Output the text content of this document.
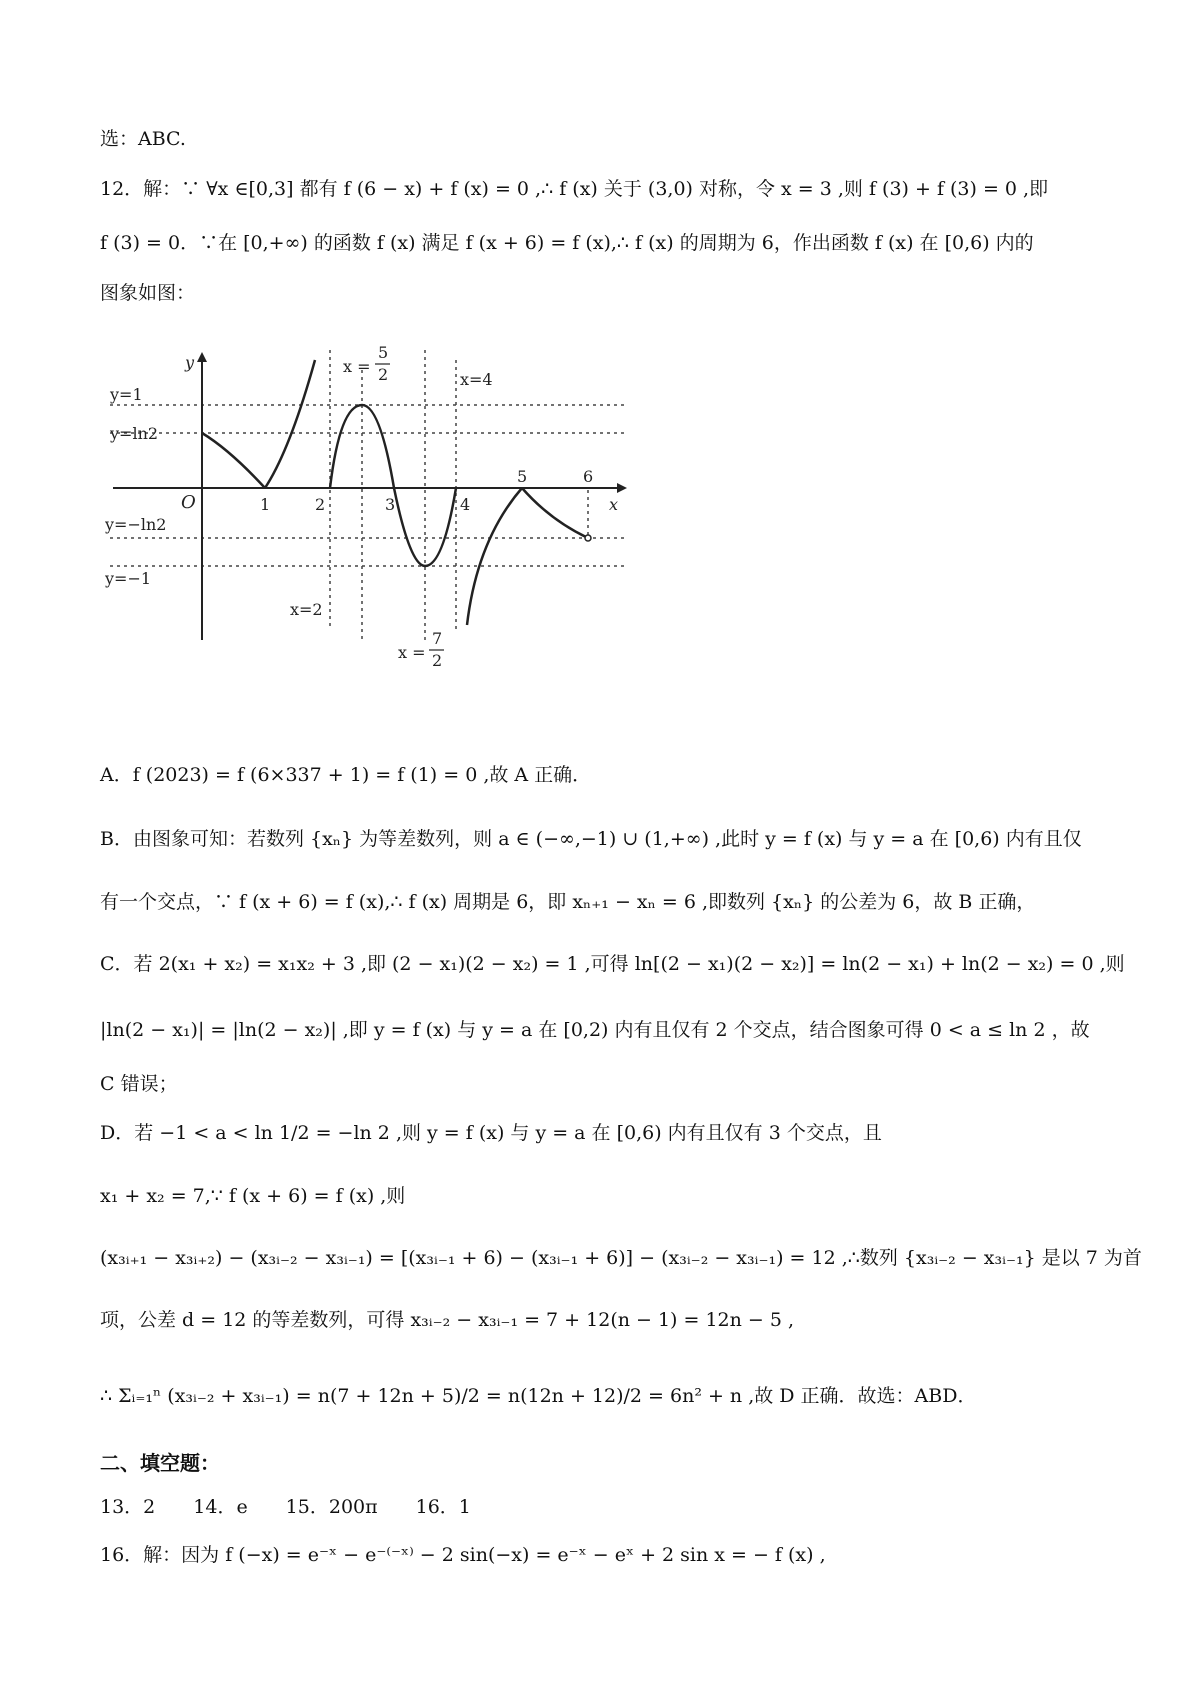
选：ABC.
12．解：∵ ∀x ∈[0,3] 都有 f (6 − x) + f (x) = 0 ,∴ f (x) 关于 (3,0) 对称，令 x = 3 ,则 f (3) + f (3) = 0 ,即
f (3) = 0．∵在 [0,+∞) 的函数 f (x) 满足 f (x + 6) = f (x),∴ f (x) 的周期为 6，作出函数 f (x) 在 [0,6) 内的
图象如图：
y=1
y=ln2
y=−ln2
y=−1
x=2
x=4
x =
5
2
x =
7
2
x
y
O	1	2	3	4
5	6
A．f (2023) = f (6×337 + 1) = f (1) = 0 ,故 A 正确．
B．由图象可知：若数列 {xₙ} 为等差数列，则 a ∈ (−∞,−1) ∪ (1,+∞) ,此时 y = f (x) 与 y = a 在 [0,6) 内有且仅
有一个交点，∵ f (x + 6) = f (x),∴ f (x) 周期是 6，即 xₙ₊₁ − xₙ = 6 ,即数列 {xₙ} 的公差为 6，故 B 正确，
C．若 2(x₁ + x₂) = x₁x₂ + 3 ,即 (2 − x₁)(2 − x₂) = 1 ,可得 ln[(2 − x₁)(2 − x₂)] = ln(2 − x₁) + ln(2 − x₂) = 0 ,则
|ln(2 − x₁)| = |ln(2 − x₂)| ,即 y = f (x) 与 y = a 在 [0,2) 内有且仅有 2 个交点，结合图象可得 0 < a ≤ ln 2 ，故
C 错误；
D．若 −1 < a < ln 1/2 = −ln 2 ,则 y = f (x) 与 y = a 在 [0,6) 内有且仅有 3 个交点，且
x₁ + x₂ = 7,∵ f (x + 6) = f (x) ,则
(x₃ᵢ₊₁ − x₃ᵢ₊₂) − (x₃ᵢ₋₂ − x₃ᵢ₋₁) = [(x₃ᵢ₋₁ + 6) − (x₃ᵢ₋₁ + 6)] − (x₃ᵢ₋₂ − x₃ᵢ₋₁) = 12 ,∴数列 {x₃ᵢ₋₂ − x₃ᵢ₋₁} 是以 7 为首
项，公差 d = 12 的等差数列，可得 x₃ᵢ₋₂ − x₃ᵢ₋₁ = 7 + 12(n − 1) = 12n − 5 ,
∴ Σᵢ₌₁ⁿ (x₃ᵢ₋₂ + x₃ᵢ₋₁) = n(7 + 12n + 5)/2 = n(12n + 12)/2 = 6n² + n ,故 D 正确．故选：ABD．
二、填空题：
13．2　　14．e　　15．200π　　16．1
16．解：因为 f (−x) = e⁻ˣ − e⁻⁽⁻ˣ⁾ − 2 sin(−x) = e⁻ˣ − eˣ + 2 sin x = − f (x) ,
